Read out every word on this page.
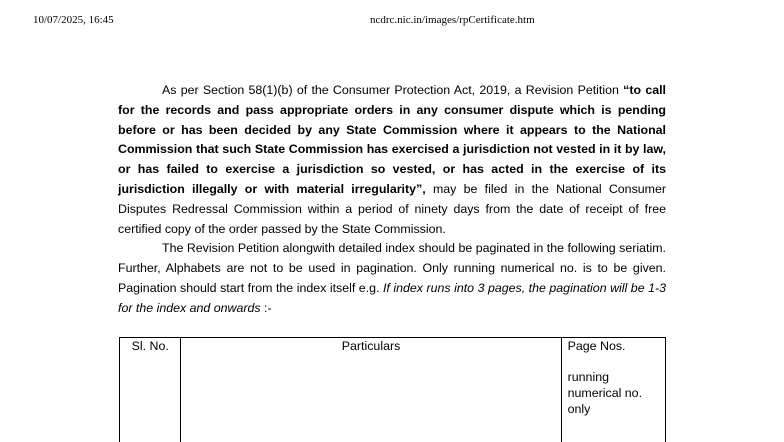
10/07/2025, 16:45	ncdrc.nic.in/images/rpCertificate.htm

As per Section 58(1)(b) of the Consumer Protection Act, 2019, a Revision Petition “to call for the records and pass appropriate orders in any consumer dispute which is pending before or has been decided by any State Commission where it appears to the National Commission that such State Commission has exercised a jurisdiction not vested in it by law, or has failed to exercise a jurisdiction so vested, or has acted in the exercise of its jurisdiction illegally or with material irregularity”, may be filed in the National Consumer Disputes Redressal Commission within a period of ninety days from the date of receipt of free certified copy of the order passed by the State Commission.

The Revision Petition alongwith detailed index should be paginated in the following seriatim. Further, Alphabets are not to be used in pagination. Only running numerical no. is to be given. Pagination should start from the index itself e.g. If index runs into 3 pages, the pagination will be 1-3 for the index and onwards :-

Sl. No.	Particulars	Page Nos.
running numerical no. only
